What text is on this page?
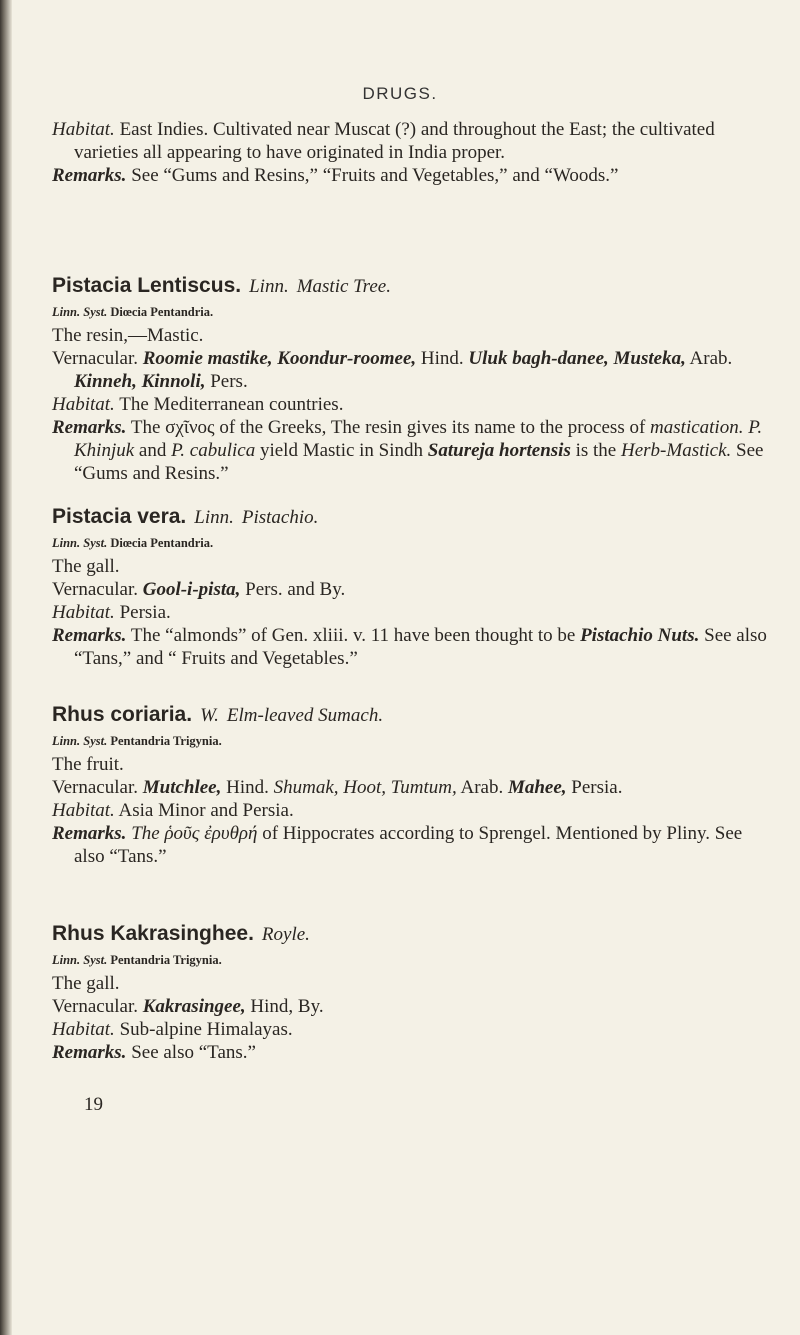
DRUGS.

Habitat. East Indies. Cultivated near Muscat (?) and throughout the East; the cultivated varieties all appearing to have originated in India proper.

Remarks. See “Gums and Resins,” “Fruits and Vegetables,” and “Woods.”

Pistacia Lentiscus. Linn. Mastic Tree.
Linn. Syst. Diœcia Pentandria.

The resin,—Mastic.

Vernacular. Roomie mastike, Koondur-roomee, Hind. Uluk bagh-danee, Musteka, Arab. Kinneh, Kinnoli, Pers.

Habitat. The Mediterranean countries.

Remarks. The σχῖνος of the Greeks, The resin gives its name to the process of mastication. P. Khinjuk and P. cabulica yield Mastic in Sindh Satureja hortensis is the Herb-Mastick. See “Gums and Resins.”

Pistacia vera. Linn. Pistachio.
Linn. Syst. Diœcia Pentandria.

The gall.

Vernacular. Gool-i-pista, Pers. and By.

Habitat. Persia.

Remarks. The “almonds” of Gen. xliii. v. 11 have been thought to be Pistachio Nuts. See also “Tans,” and “ Fruits and Vegetables.”

Rhus coriaria. W. Elm-leaved Sumach.
Linn. Syst. Pentandria Trigynia.

The fruit.

Vernacular. Mutchlee, Hind. Shumak, Hoot, Tumtum, Arab. Mahee, Persia.

Habitat. Asia Minor and Persia.

Remarks. The ῥοῦς ἐρυθρή of Hippocrates according to Sprengel. Mentioned by Pliny. See also “Tans.”

Rhus Kakrasinghee. Royle.
Linn. Syst. Pentandria Trigynia.

The gall.

Vernacular. Kakrasingee, Hind, By.

Habitat. Sub-alpine Himalayas.

Remarks. See also “Tans.”

19
